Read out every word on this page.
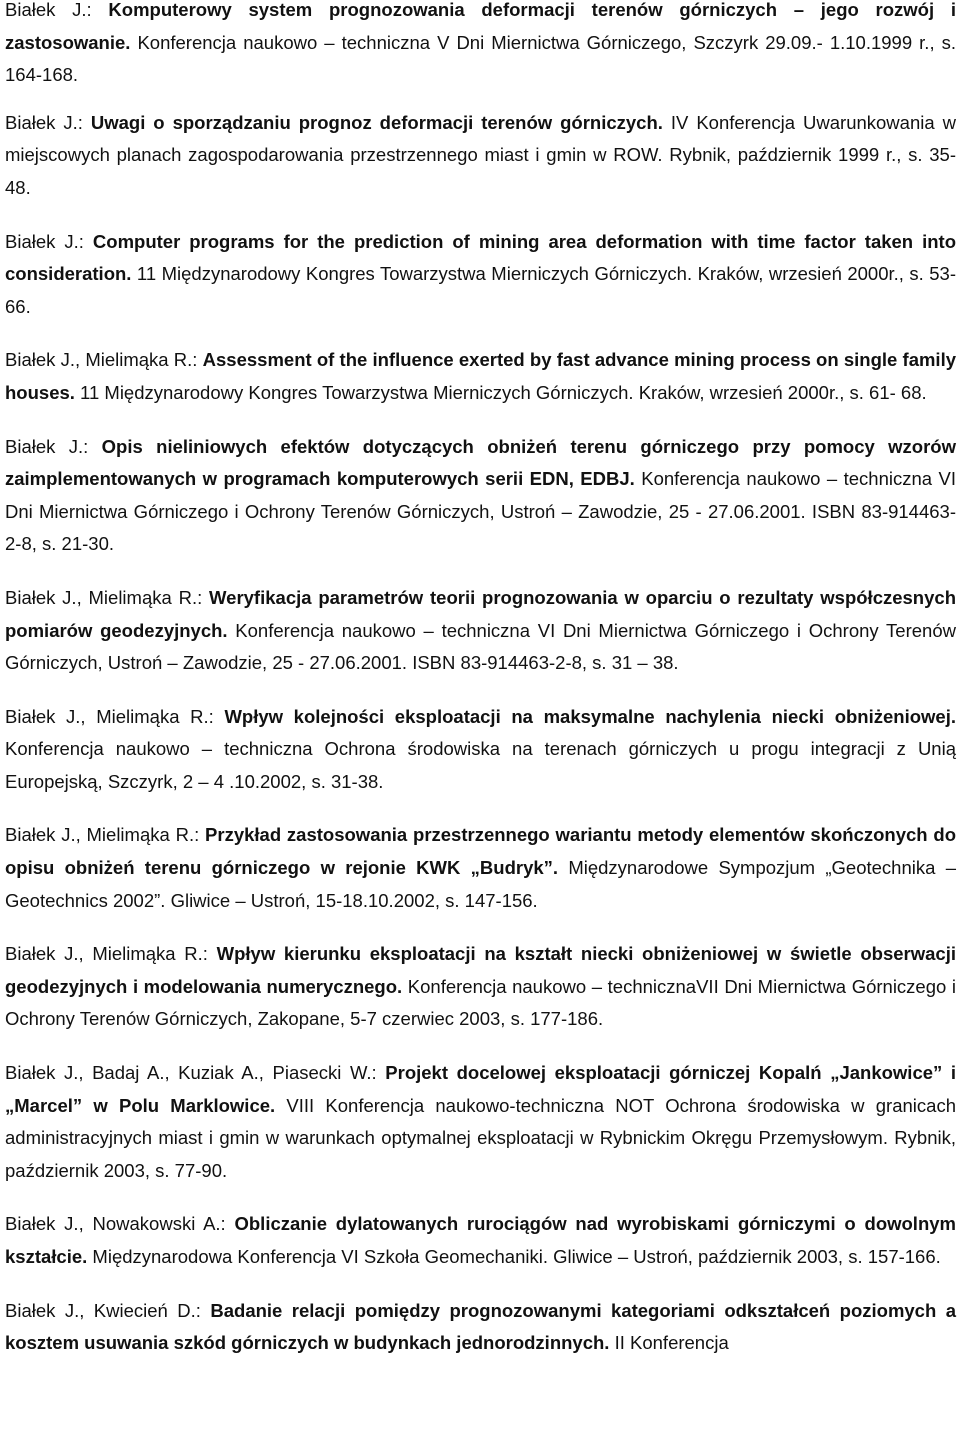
Białek J.: Komputerowy system prognozowania deformacji terenów górniczych – jego rozwój i zastosowanie. Konferencja naukowo – techniczna V Dni Miernictwa Górniczego, Szczyrk 29.09.- 1.10.1999 r., s. 164-168.

Białek J.: Uwagi o sporządzaniu prognoz deformacji terenów górniczych. IV Konferencja Uwarunkowania w miejscowych planach zagospodarowania przestrzennego miast i gmin w ROW. Rybnik, październik 1999 r., s. 35-48.

Białek J.: Computer programs for the prediction of mining area deformation with time factor taken into consideration. 11 Międzynarodowy Kongres Towarzystwa Mierniczych Górniczych. Kraków, wrzesień 2000r., s. 53- 66.

Białek J., Mielimąka R.: Assessment of the influence exerted by fast advance mining process on single family houses. 11 Międzynarodowy Kongres Towarzystwa Mierniczych Górniczych. Kraków, wrzesień 2000r., s. 61- 68.

Białek J.: Opis nieliniowych efektów dotyczących obniżeń terenu górniczego przy pomocy wzorów zaimplementowanych w programach komputerowych serii EDN, EDBJ. Konferencja naukowo – techniczna VI Dni Miernictwa Górniczego i Ochrony Terenów Górniczych, Ustroń – Zawodzie, 25 - 27.06.2001. ISBN 83-914463-2-8, s. 21-30.

Białek J., Mielimąka R.: Weryfikacja parametrów teorii prognozowania w oparciu o rezultaty współczesnych pomiarów geodezyjnych. Konferencja naukowo – techniczna VI Dni Miernictwa Górniczego i Ochrony Terenów Górniczych, Ustroń – Zawodzie, 25 - 27.06.2001. ISBN 83-914463-2-8, s. 31 – 38.

Białek J., Mielimąka R.: Wpływ kolejności eksploatacji na maksymalne nachylenia niecki obniżeniowej. Konferencja naukowo – techniczna Ochrona środowiska na terenach górniczych u progu integracji z Unią Europejską, Szczyrk, 2 – 4 .10.2002, s. 31-38.

Białek J., Mielimąka R.: Przykład zastosowania przestrzennego wariantu metody elementów skończonych do opisu obniżeń terenu górniczego w rejonie KWK „Budryk”. Międzynarodowe Sympozjum „Geotechnika – Geotechnics 2002”. Gliwice – Ustroń, 15-18.10.2002, s. 147-156.

Białek J., Mielimąka R.: Wpływ kierunku eksploatacji na kształt niecki obniżeniowej w świetle obserwacji geodezyjnych i modelowania numerycznego. Konferencja naukowo – technicznaVII Dni Miernictwa Górniczego i Ochrony Terenów Górniczych, Zakopane, 5-7 czerwiec 2003, s. 177-186.

Białek J., Badaj A., Kuziak A., Piasecki W.: Projekt docelowej eksploatacji górniczej Kopalń „Jankowice” i „Marcel” w Polu Marklowice. VIII Konferencja naukowo-techniczna NOT Ochrona środowiska w granicach administracyjnych miast i gmin w warunkach optymalnej eksploatacji w Rybnickim Okręgu Przemysłowym. Rybnik, październik 2003, s. 77-90.

Białek J., Nowakowski A.: Obliczanie dylatowanych rurociągów nad wyrobiskami górniczymi o dowolnym kształcie. Międzynarodowa Konferencja VI Szkoła Geomechaniki. Gliwice – Ustroń, październik 2003, s. 157-166.

Białek J., Kwiecień D.: Badanie relacji pomiędzy prognozowanymi kategoriami odkształceń poziomych a kosztem usuwania szkód górniczych w budynkach jednorodzinnych. II Konferencja
